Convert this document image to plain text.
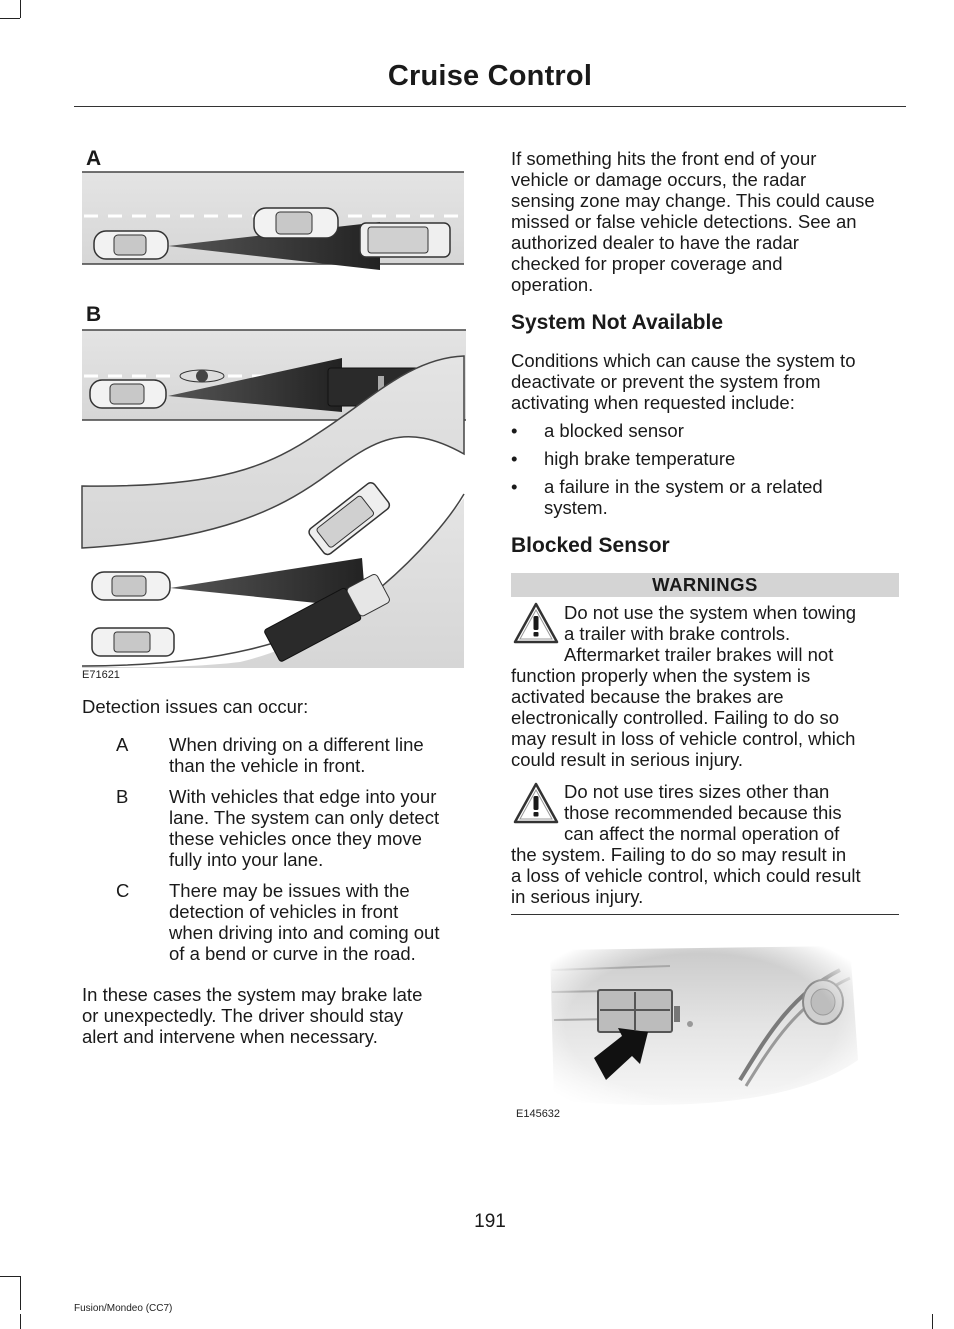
Cruise Control
A
B
E71621
Detection issues can occur:
A	When driving on a different line
than the vehicle in front.
B	With vehicles that edge into your
lane. The system can only detect
these vehicles once they move
fully into your lane.
C	There may be issues with the
detection of vehicles in front
when driving into and coming out
of a bend or curve in the road.
In these cases the system may brake late
or unexpectedly. The driver should stay
alert and intervene when necessary.
If something hits the front end of your
vehicle or damage occurs, the radar
sensing zone may change. This could cause
missed or false vehicle detections. See an
authorized dealer to have the radar
checked for proper coverage and
operation.
System Not Available
Conditions which can cause the system to
deactivate or prevent the system from
activating when requested include:
•	a blocked sensor
•	high brake temperature
•	a failure in the system or a related
system.
Blocked Sensor
WARNINGS
Do not use the system when towing
a trailer with brake controls.
Aftermarket trailer brakes will not
function properly when the system is
activated because the brakes are
electronically controlled. Failing to do so
may result in loss of vehicle control, which
could result in serious injury.
Do not use tires sizes other than
those recommended because this
can affect the normal operation of
the system. Failing to do so may result in
a loss of vehicle control, which could result
in serious injury.
E145632
191
Fusion/Mondeo (CC7)
